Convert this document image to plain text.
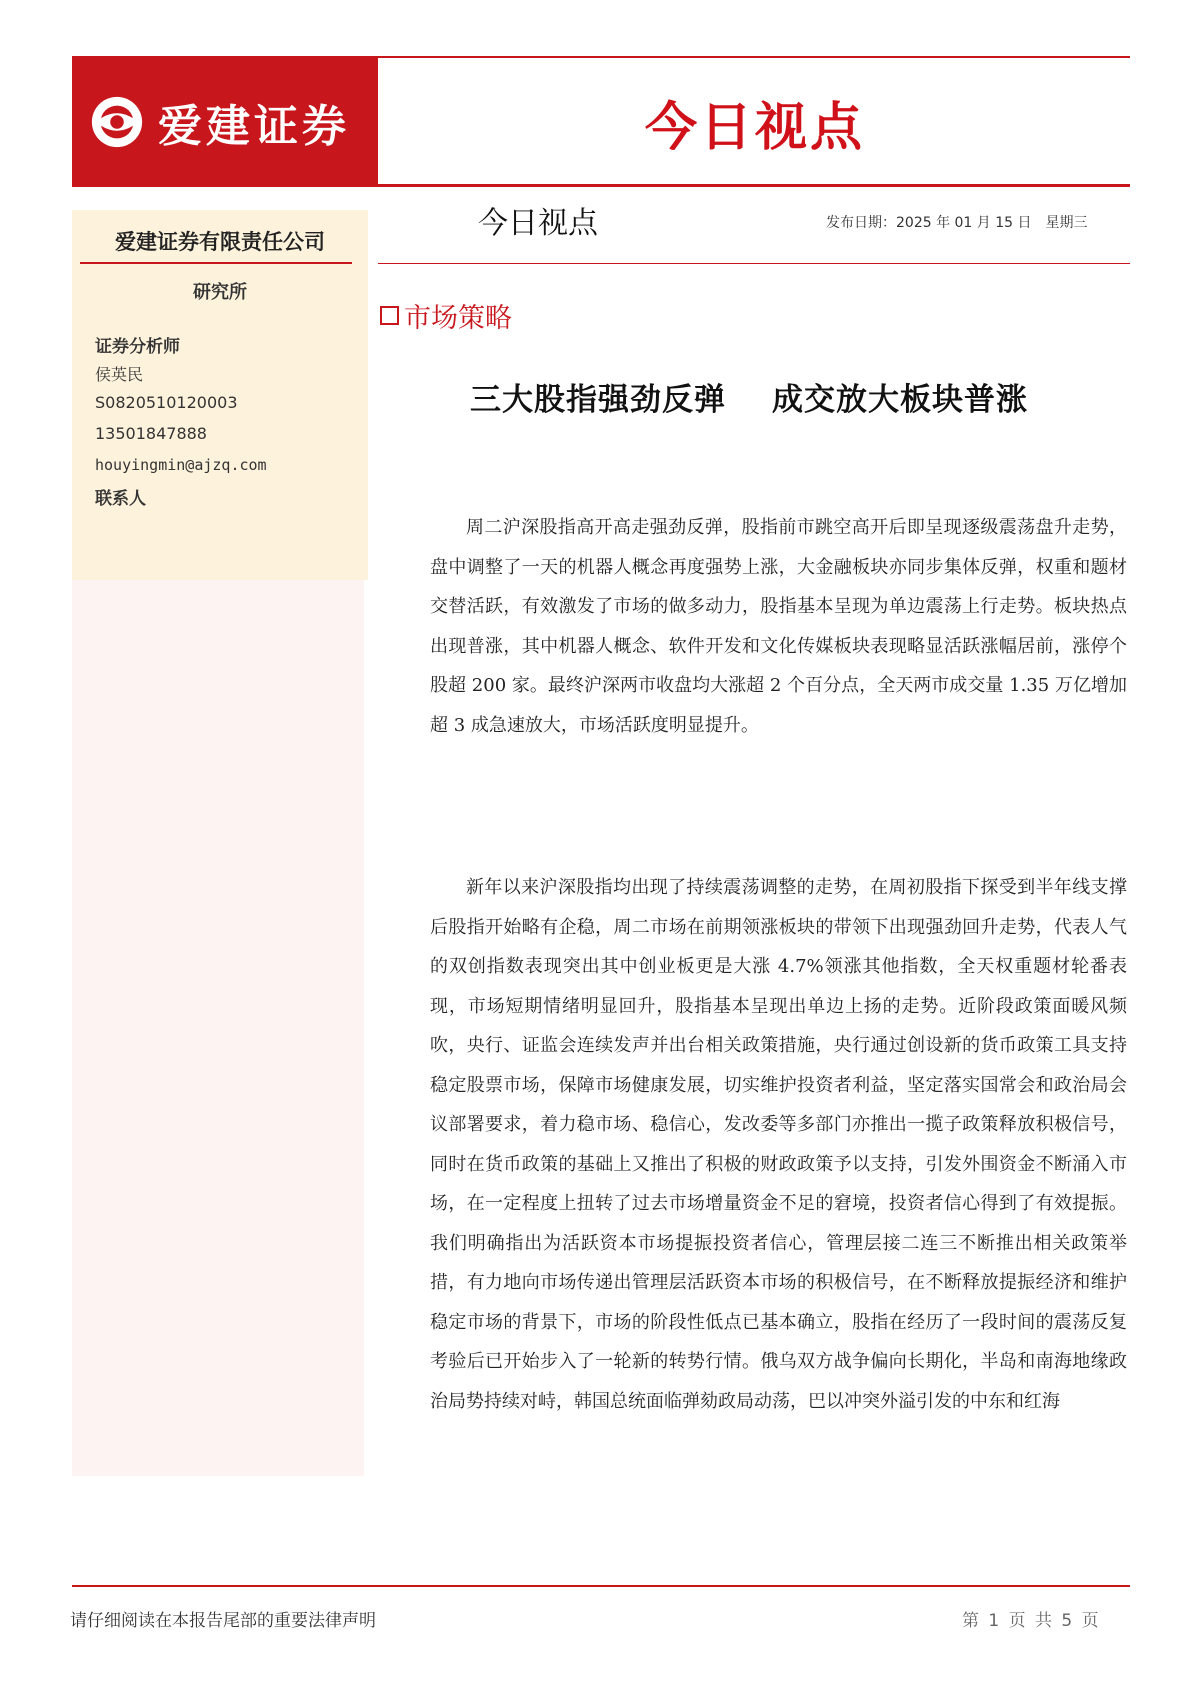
爱建证券	今日视点
爱建证券有限责任公司
研究所
证券分析师
侯英民
S0820510120003
13501847888
houyingmin@ajzq.com
联系人
今日视点	发布日期：2025 年 01 月 15 日　星期三
市场策略
三大股指强劲反弹 成交放大板块普涨

周二沪深股指高开高走强劲反弹，股指前市跳空高开后即呈现逐级震荡盘升走势，盘中调整了一天的机器人概念再度强势上涨，大金融板块亦同步集体反弹，权重和题材交替活跃，有效激发了市场的做多动力，股指基本呈现为单边震荡上行走势。板块热点出现普涨，其中机器人概念、软件开发和文化传媒板块表现略显活跃涨幅居前，涨停个股超 200 家。最终沪深两市收盘均大涨超 2 个百分点，全天两市成交量 1.35 万亿增加超 3 成急速放大，市场活跃度明显提升。

新年以来沪深股指均出现了持续震荡调整的走势，在周初股指下探受到半年线支撑后股指开始略有企稳，周二市场在前期领涨板块的带领下出现强劲回升走势，代表人气的双创指数表现突出其中创业板更是大涨 4.7%领涨其他指数，全天权重题材轮番表现，市场短期情绪明显回升，股指基本呈现出单边上扬的走势。近阶段政策面暖风频吹，央行、证监会连续发声并出台相关政策措施，央行通过创设新的货币政策工具支持稳定股票市场，保障市场健康发展，切实维护投资者利益，坚定落实国常会和政治局会议部署要求，着力稳市场、稳信心，发改委等多部门亦推出一揽子政策释放积极信号，同时在货币政策的基础上又推出了积极的财政政策予以支持，引发外围资金不断涌入市场，在一定程度上扭转了过去市场增量资金不足的窘境，投资者信心得到了有效提振。我们明确指出为活跃资本市场提振投资者信心，管理层接二连三不断推出相关政策举措，有力地向市场传递出管理层活跃资本市场的积极信号，在不断释放提振经济和维护稳定市场的背景下，市场的阶段性低点已基本确立，股指在经历了一段时间的震荡反复考验后已开始步入了一轮新的转势行情。俄乌双方战争偏向长期化，半岛和南海地缘政治局势持续对峙，韩国总统面临弹劾政局动荡，巴以冲突外溢引发的中东和红海

请仔细阅读在本报告尾部的重要法律声明	第 1 页 共 5 页
